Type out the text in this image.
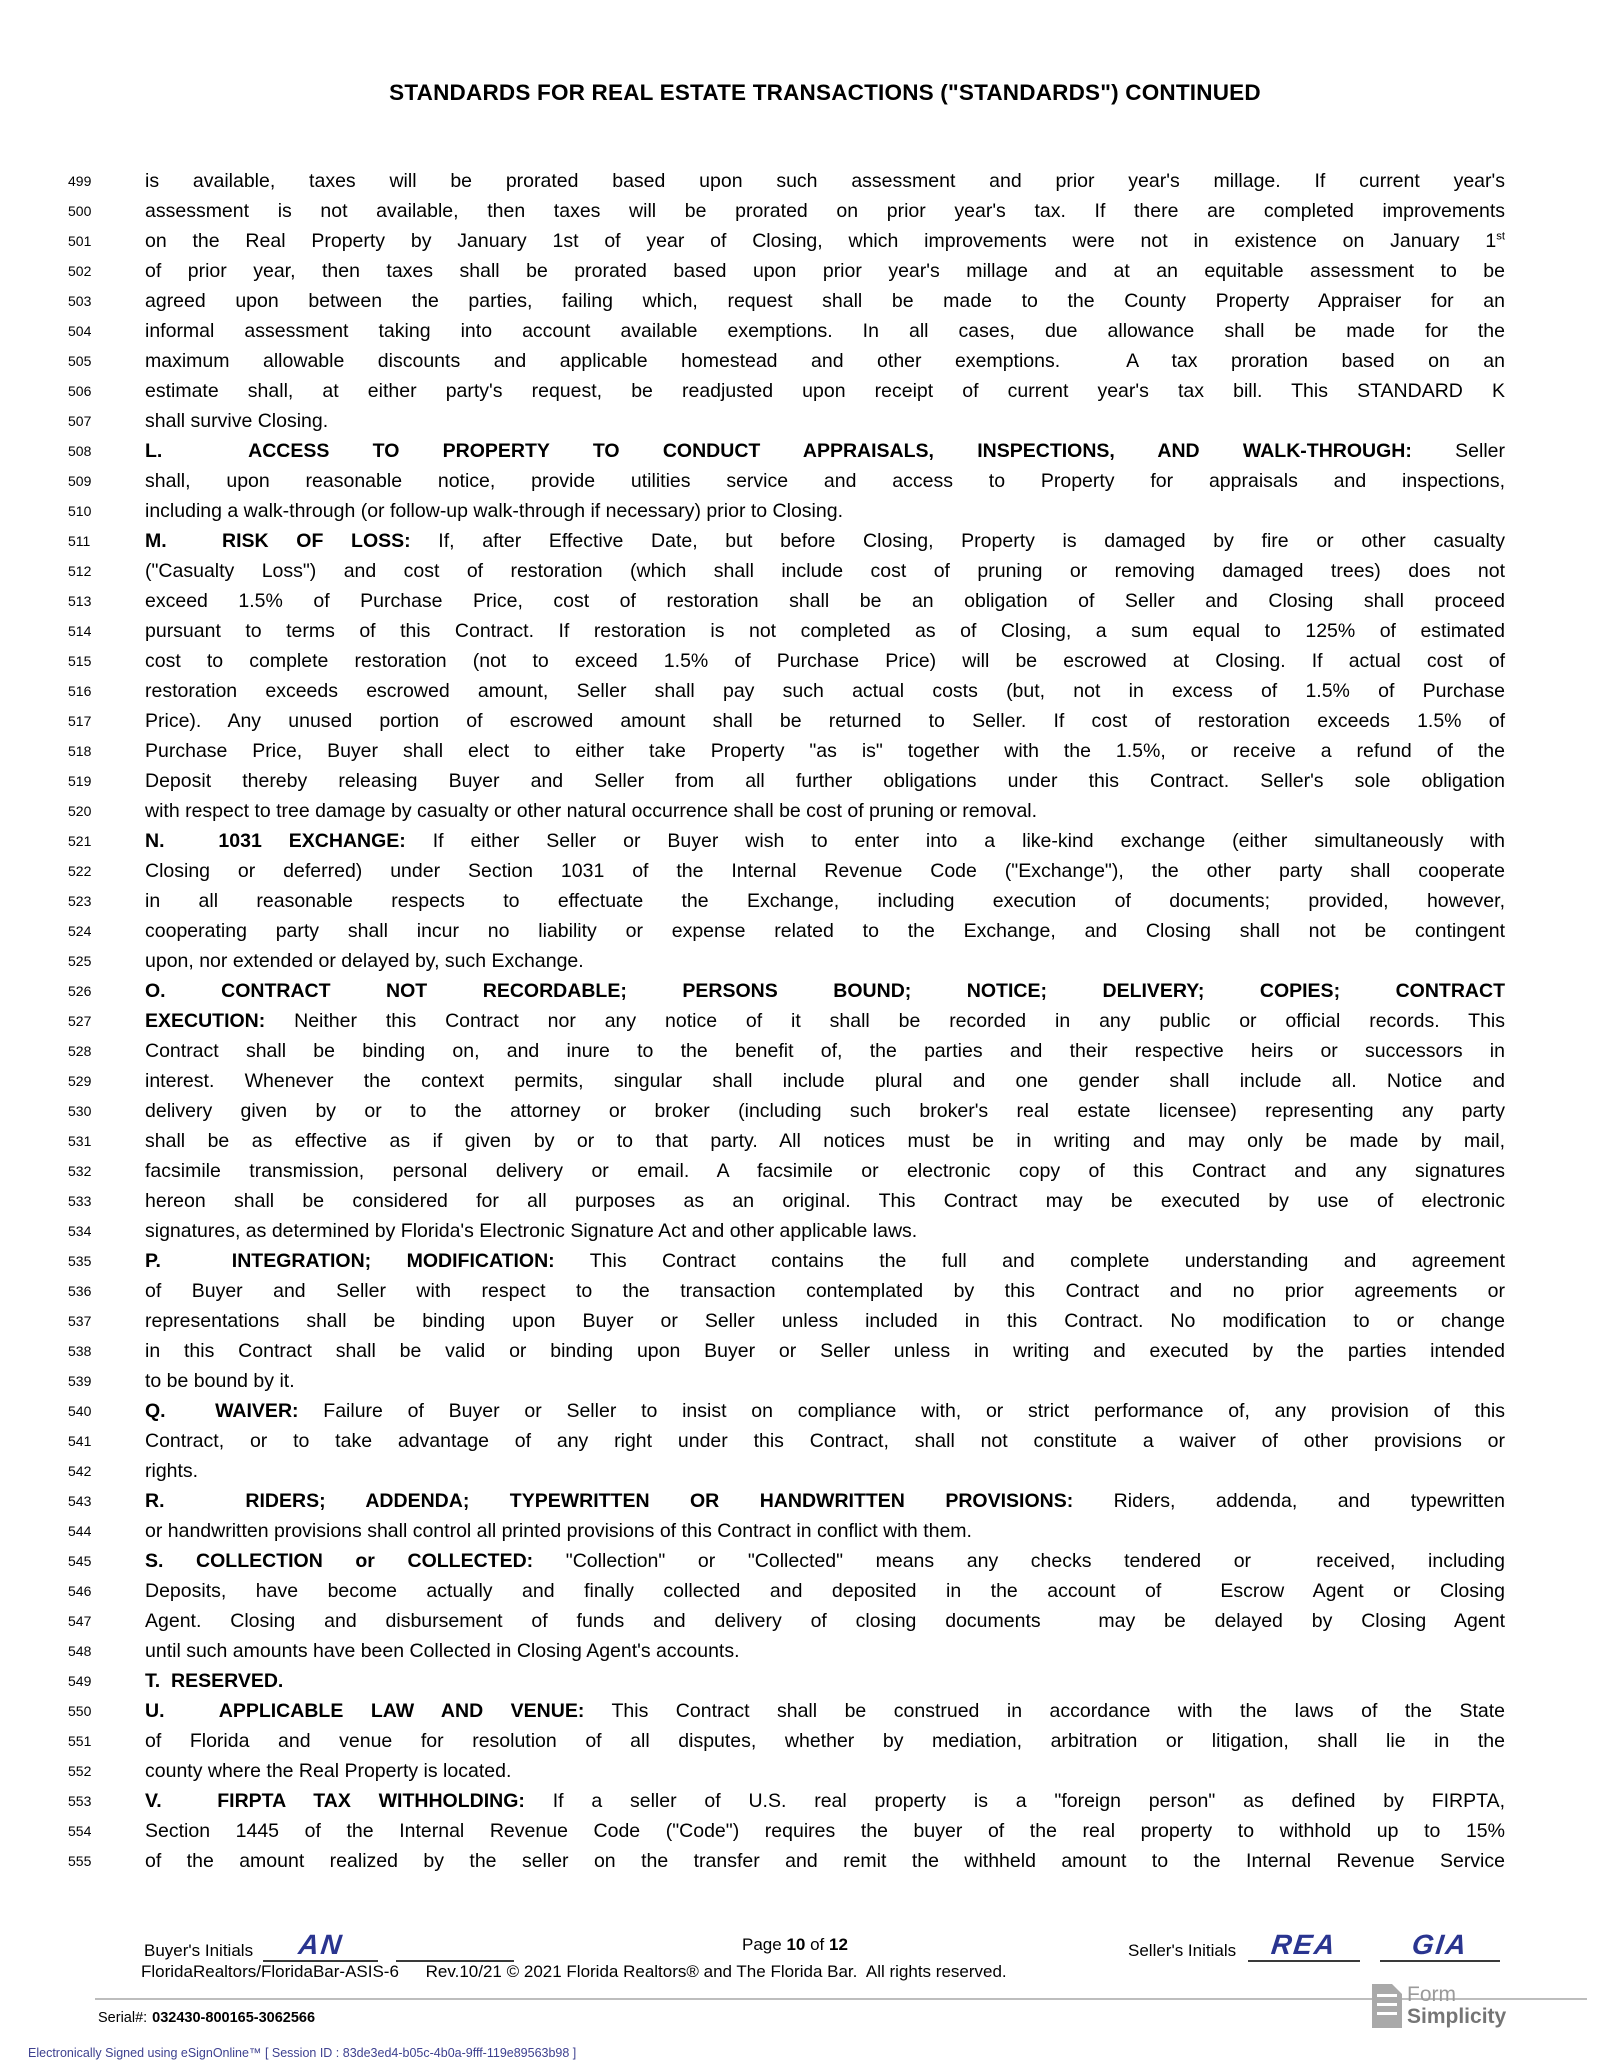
STANDARDS FOR REAL ESTATE TRANSACTIONS ("STANDARDS") CONTINUED
499	is available, taxes will be prorated based upon such assessment and prior year's millage. If current year's
500	assessment is not available, then taxes will be prorated on prior year's tax. If there are completed improvements
501	on the Real Property by January 1st of year of Closing, which improvements were not in existence on January 1st
502	of prior year, then taxes shall be prorated based upon prior year's millage and at an equitable assessment to be
503	agreed upon between the parties, failing which, request shall be made to the County Property Appraiser for an
504	informal assessment taking into account available exemptions. In all cases, due allowance shall be made for the
505	maximum allowable discounts and applicable homestead and other exemptions.  A tax proration based on an
506	estimate shall, at either party's request, be readjusted upon receipt of current year's tax bill. This STANDARD K
507	shall survive Closing.
508	L.  ACCESS TO PROPERTY TO CONDUCT APPRAISALS, INSPECTIONS, AND WALK-THROUGH: Seller
509	shall, upon reasonable notice, provide utilities service and access to Property for appraisals and inspections,
510	including a walk-through (or follow-up walk-through if necessary) prior to Closing.
511	M.  RISK OF LOSS: If, after Effective Date, but before Closing, Property is damaged by fire or other casualty
512	("Casualty Loss") and cost of restoration (which shall include cost of pruning or removing damaged trees) does not
513	exceed 1.5% of Purchase Price, cost of restoration shall be an obligation of Seller and Closing shall proceed
514	pursuant to terms of this Contract. If restoration is not completed as of Closing, a sum equal to 125% of estimated
515	cost to complete restoration (not to exceed 1.5% of Purchase Price) will be escrowed at Closing. If actual cost of
516	restoration exceeds escrowed amount, Seller shall pay such actual costs (but, not in excess of 1.5% of Purchase
517	Price). Any unused portion of escrowed amount shall be returned to Seller. If cost of restoration exceeds 1.5% of
518	Purchase Price, Buyer shall elect to either take Property "as is" together with the 1.5%, or receive a refund of the
519	Deposit thereby releasing Buyer and Seller from all further obligations under this Contract. Seller's sole obligation
520	with respect to tree damage by casualty or other natural occurrence shall be cost of pruning or removal.
521	N.  1031 EXCHANGE: If either Seller or Buyer wish to enter into a like-kind exchange (either simultaneously with
522	Closing or deferred) under Section 1031 of the Internal Revenue Code ("Exchange"), the other party shall cooperate
523	in all reasonable respects to effectuate the Exchange, including execution of documents; provided, however,
524	cooperating party shall incur no liability or expense related to the Exchange, and Closing shall not be contingent
525	upon, nor extended or delayed by, such Exchange.
526	O. CONTRACT NOT RECORDABLE; PERSONS BOUND; NOTICE; DELIVERY; COPIES; CONTRACT
527	EXECUTION: Neither this Contract nor any notice of it shall be recorded in any public or official records. This
528	Contract shall be binding on, and inure to the benefit of, the parties and their respective heirs or successors in
529	interest. Whenever the context permits, singular shall include plural and one gender shall include all. Notice and
530	delivery given by or to the attorney or broker (including such broker's real estate licensee) representing any party
531	shall be as effective as if given by or to that party. All notices must be in writing and may only be made by mail,
532	facsimile transmission, personal delivery or email. A facsimile or electronic copy of this Contract and any signatures
533	hereon shall be considered for all purposes as an original. This Contract may be executed by use of electronic
534	signatures, as determined by Florida's Electronic Signature Act and other applicable laws.
535	P.  INTEGRATION; MODIFICATION: This Contract contains the full and complete understanding and agreement
536	of Buyer and Seller with respect to the transaction contemplated by this Contract and no prior agreements or
537	representations shall be binding upon Buyer or Seller unless included in this Contract. No modification to or change
538	in this Contract shall be valid or binding upon Buyer or Seller unless in writing and executed by the parties intended
539	to be bound by it.
540	Q.  WAIVER: Failure of Buyer or Seller to insist on compliance with, or strict performance of, any provision of this
541	Contract, or to take advantage of any right under this Contract, shall not constitute a waiver of other provisions or
542	rights.
543	R.  RIDERS; ADDENDA; TYPEWRITTEN OR HANDWRITTEN PROVISIONS: Riders, addenda, and typewritten
544	or handwritten provisions shall control all printed provisions of this Contract in conflict with them.
545	S. COLLECTION or COLLECTED: "Collection" or "Collected" means any checks tendered or  received, including
546	Deposits, have become actually and finally collected and deposited in the account of  Escrow Agent or Closing
547	Agent. Closing and disbursement of funds and delivery of closing documents  may be delayed by Closing Agent
548	until such amounts have been Collected in Closing Agent's accounts.
549	T.  RESERVED.
550	U.  APPLICABLE LAW AND VENUE: This Contract shall be construed in accordance with the laws of the State
551	of Florida and venue for resolution of all disputes, whether by mediation, arbitration or litigation, shall lie in the
552	county where the Real Property is located.
553	V.  FIRPTA TAX WITHHOLDING: If a seller of U.S. real property is a "foreign person" as defined by FIRPTA,
554	Section 1445 of the Internal Revenue Code ("Code") requires the buyer of the real property to withhold up to 15%
555	of the amount realized by the seller on the transfer and remit the withheld amount to the Internal Revenue Service
Buyer's Initials AN	Page 10 of 12	Seller's Initials REA	GIA
FloridaRealtors/FloridaBar-ASIS-6 Rev.10/21 © 2021 Florida Realtors® and The Florida Bar.  All rights reserved.
Serial#: 032430-800165-3062566
Form
Simplicity
Electronically Signed using eSignOnline™ [ Session ID : 83de3ed4-b05c-4b0a-9fff-119e89563b98 ]
